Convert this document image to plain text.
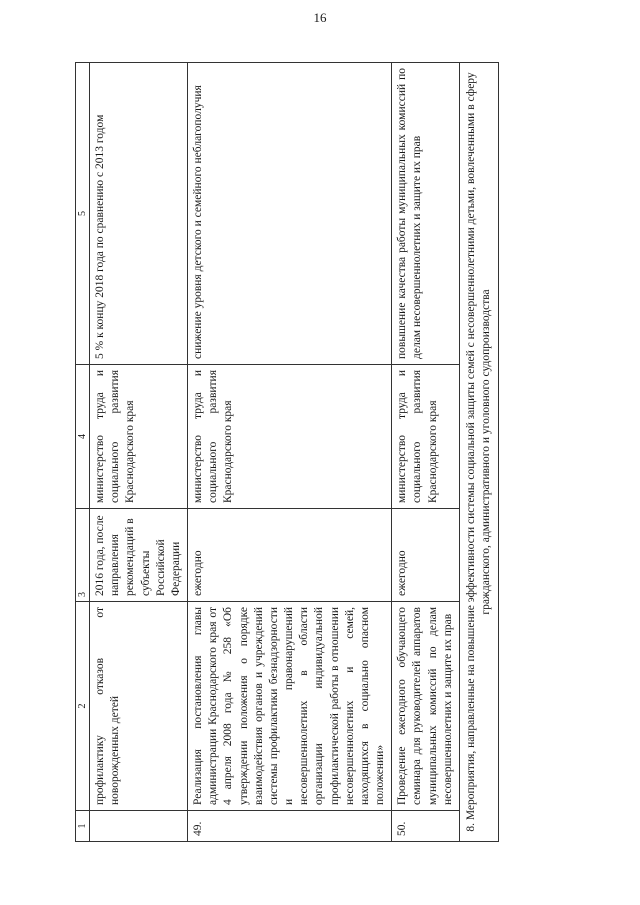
16
1	2	3	4	5
	профилактику отказов от новорожденных детей	2016 года, после направления рекомендаций в субъекты Российской Федерации	министерство труда и социального развития Краснодарского края	5 % к концу 2018 года по сравнению с 2013 годом
49.	Реализация постановления главы администрации Краснодарского края от 4 апреля 2008 года № 258 «Об утверждении положения о порядке взаимодействия органов и учреждений системы профилактики безнадзорности и правонарушений несовершеннолетних в области организации индивидуальной профилактической работы в отношении несовершеннолетних и семей, находящихся в социально опасном положении»	ежегодно	министерство труда и социального развития Краснодарского края	снижение уровня детского и семейного неблагополучия
50.	Проведение ежегодного обучающего семинара для руководителей аппаратов муниципальных комиссий по делам несовершеннолетних и защите их прав	ежегодно	министерство труда и социального развития Краснодарского края	повышение качества работы муниципальных комиссий по делам несовершеннолетних и защите их прав
8. Мероприятия, направленные на повышение эффективности системы социальной защиты семей с несовершеннолетними детьми, вовлеченными в сферу гражданского, административного и уголовного судопроизводства				
